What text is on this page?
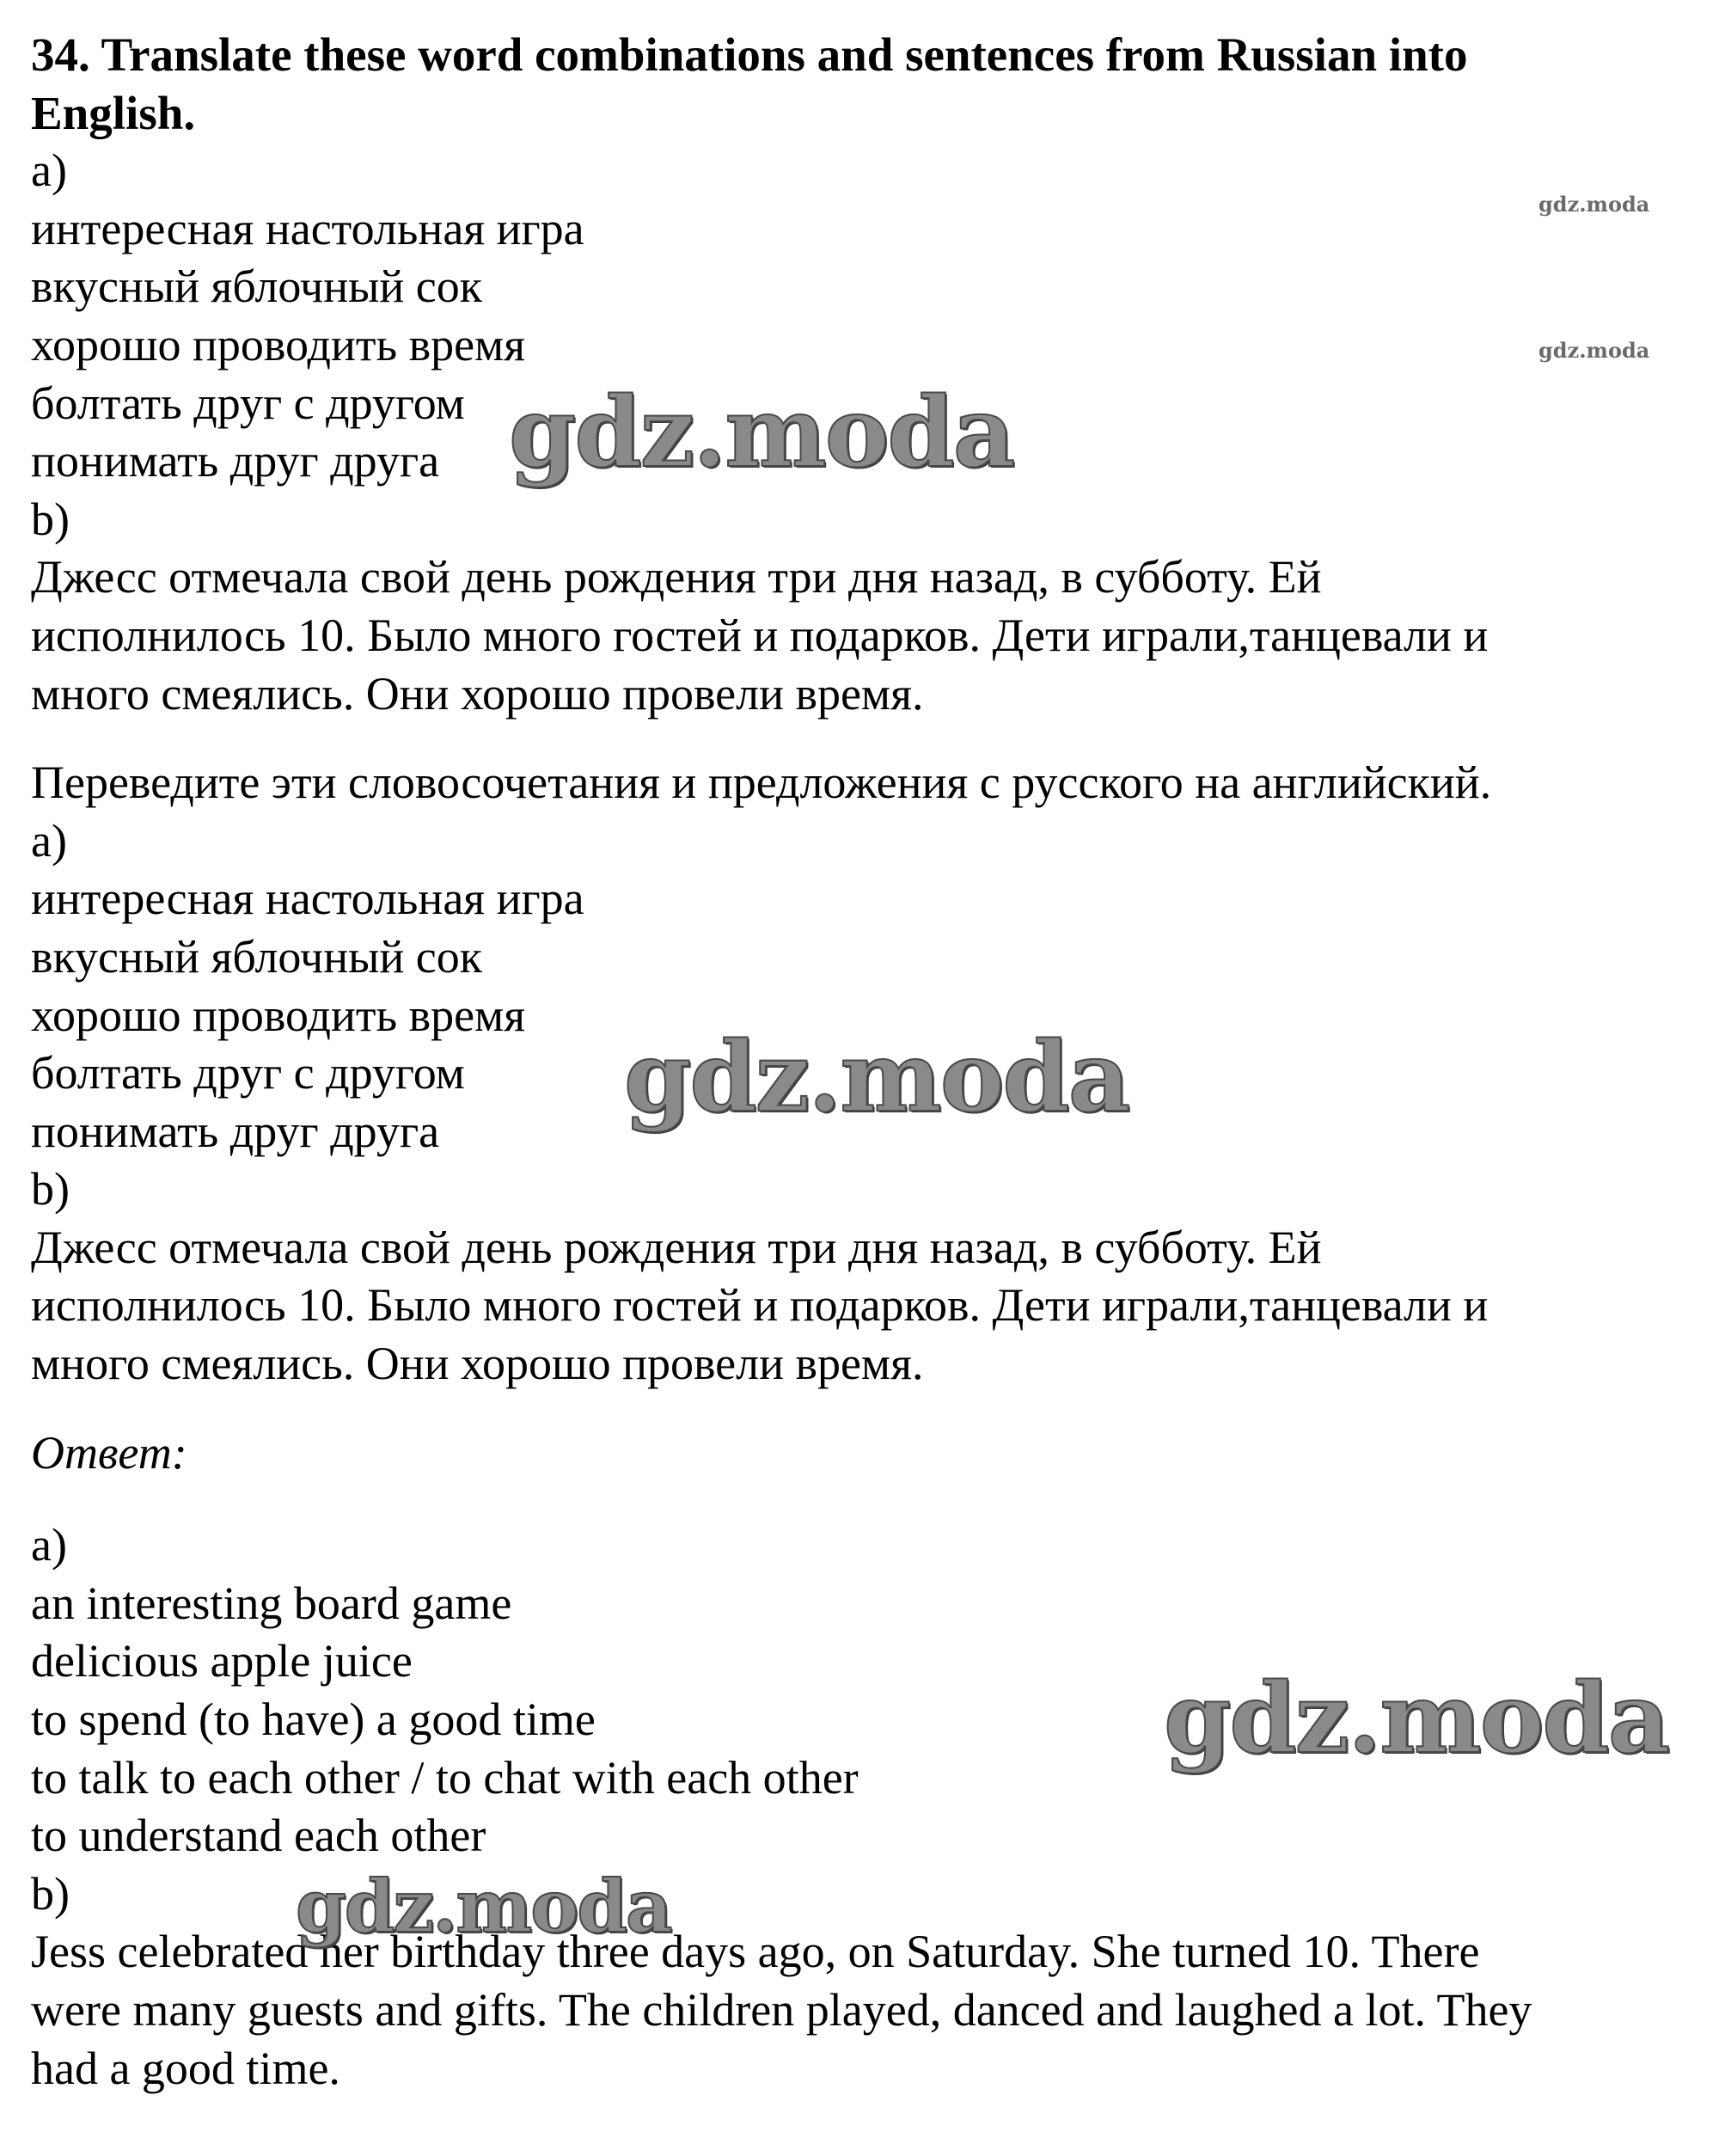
34. Translate these word combinations and sentences from Russian into
English.
a)
интересная настольная игра
вкусный яблочный сок
хорошо проводить время
болтать друг с другом
понимать друг друга
b)
Джесс отмечала свой день рождения три дня назад, в субботу. Ей
исполнилось 10. Было много гостей и подарков. Дети играли,танцевали и
много смеялись. Они хорошо провели время.
Переведите эти словосочетания и предложения с русского на английский.
a)
интересная настольная игра
вкусный яблочный сок
хорошо проводить время
болтать друг с другом
понимать друг друга
b)
Джесс отмечала свой день рождения три дня назад, в субботу. Ей
исполнилось 10. Было много гостей и подарков. Дети играли,танцевали и
много смеялись. Они хорошо провели время.
Ответ:
a)
an interesting board game
delicious apple juice
to spend (to have) a good time
to talk to each other / to chat with each other
to understand each other
b)
Jess celebrated her birthday three days ago, on Saturday. She turned 10. There
were many guests and gifts. The children played, danced and laughed a lot. They
had a good time.
gdz.moda
gdz.moda
gdz.moda
gdz.moda
gdz.moda
gdz.moda
